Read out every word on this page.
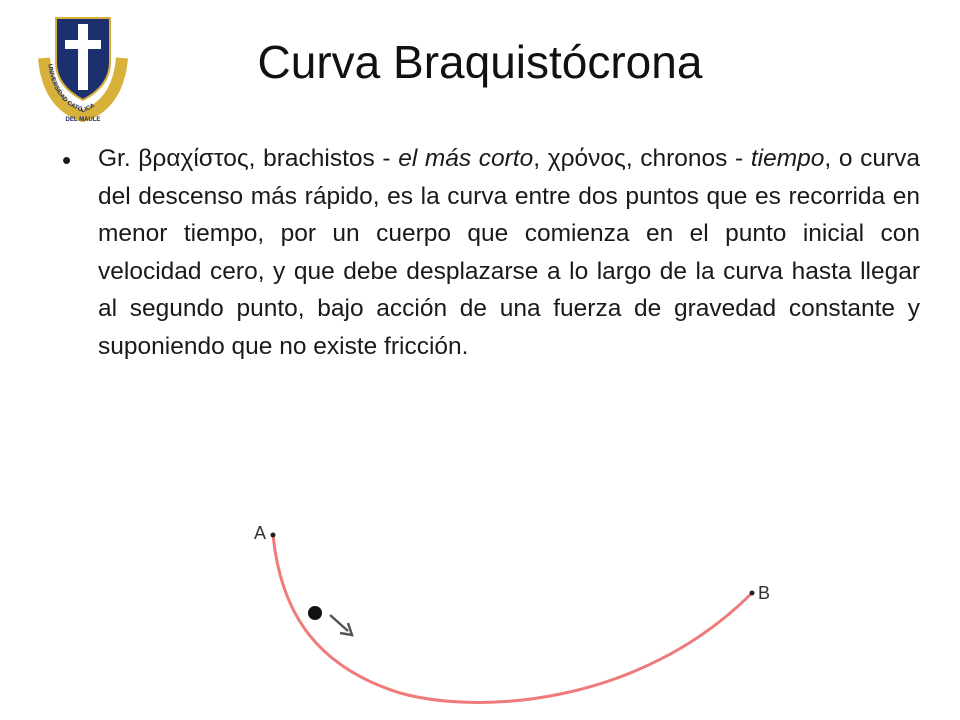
UNIVERSIDAD CATÓLICA
DEL MAULE
Curva Braquistócrona
• Gr. βραχίστος, brachistos - el más corto, χρόνος, chronos - tiempo, o curva del descenso más rápido, es la curva entre dos puntos que es recorrida en menor tiempo, por un cuerpo que comienza en el punto inicial con velocidad cero, y que debe desplazarse a lo largo de la curva hasta llegar al segundo punto, bajo acción de una fuerza de gravedad constante y suponiendo que no existe fricción.
A
B
